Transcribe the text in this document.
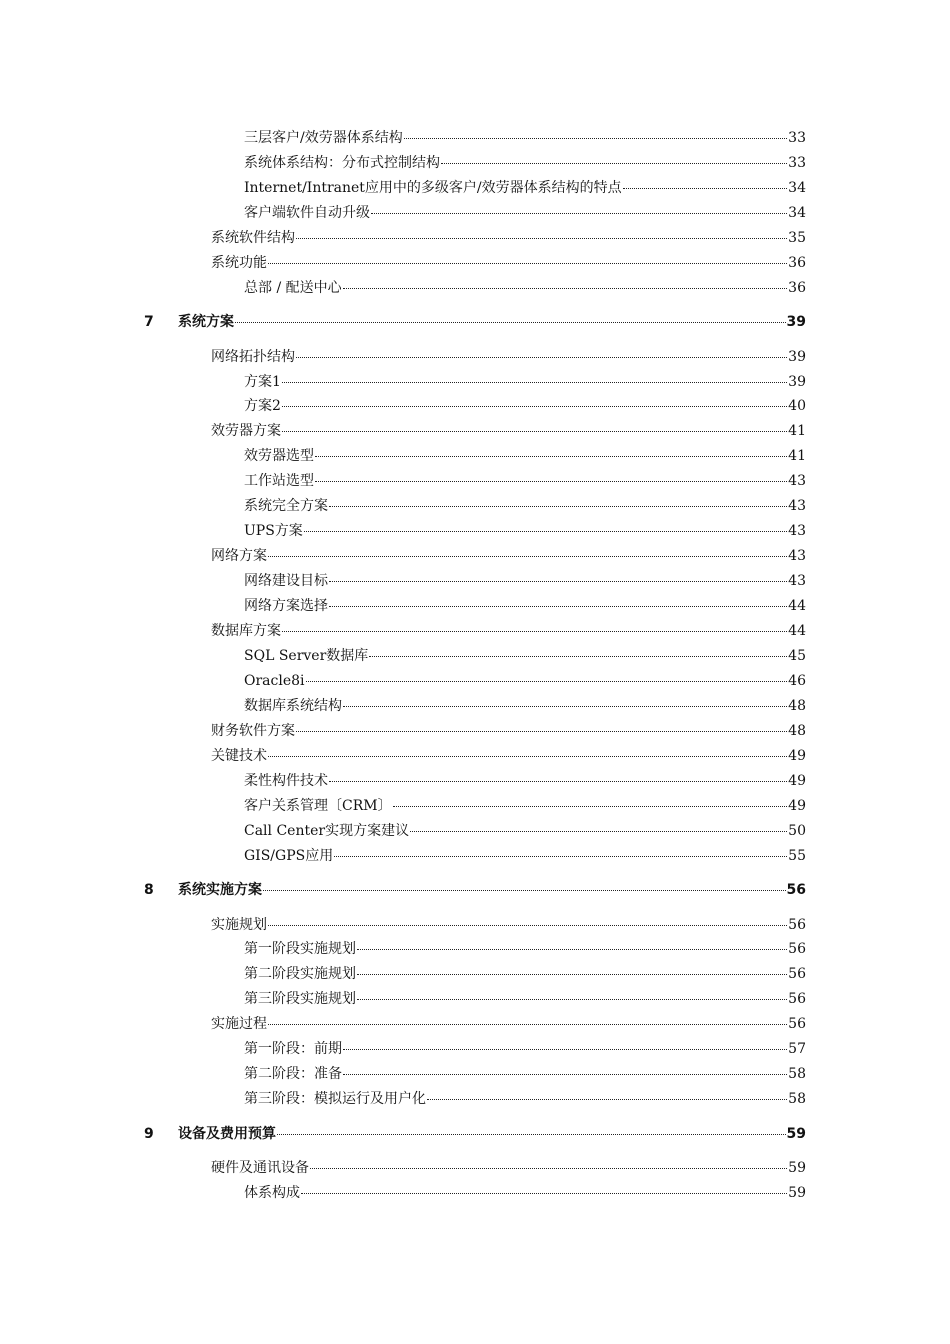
三层客户/效劳器体系结构	33
系统体系结构：分布式控制结构	33
Internet/Intranet应用中的多级客户/效劳器体系结构的特点	34
客户端软件自动升级	34
系统软件结构	35
系统功能	36
总部 / 配送中心	36
7	系统方案	39
网络拓扑结构	39
方案1	39
方案2	40
效劳器方案	41
效劳器选型	41
工作站选型	43
系统完全方案	43
UPS方案	43
网络方案	43
网络建设目标	43
网络方案选择	44
数据库方案	44
SQL Server数据库	45
Oracle8i	46
数据库系统结构	48
财务软件方案	48
关键技术	49
柔性构件技术	49
客户关系管理〔CRM〕	49
Call Center实现方案建议	50
GIS/GPS应用	55
8	系统实施方案	56
实施规划	56
第一阶段实施规划	56
第二阶段实施规划	56
第三阶段实施规划	56
实施过程	56
第一阶段：前期	57
第二阶段：准备	58
第三阶段：模拟运行及用户化	58
9	设备及费用预算	59
硬件及通讯设备	59
体系构成	59
